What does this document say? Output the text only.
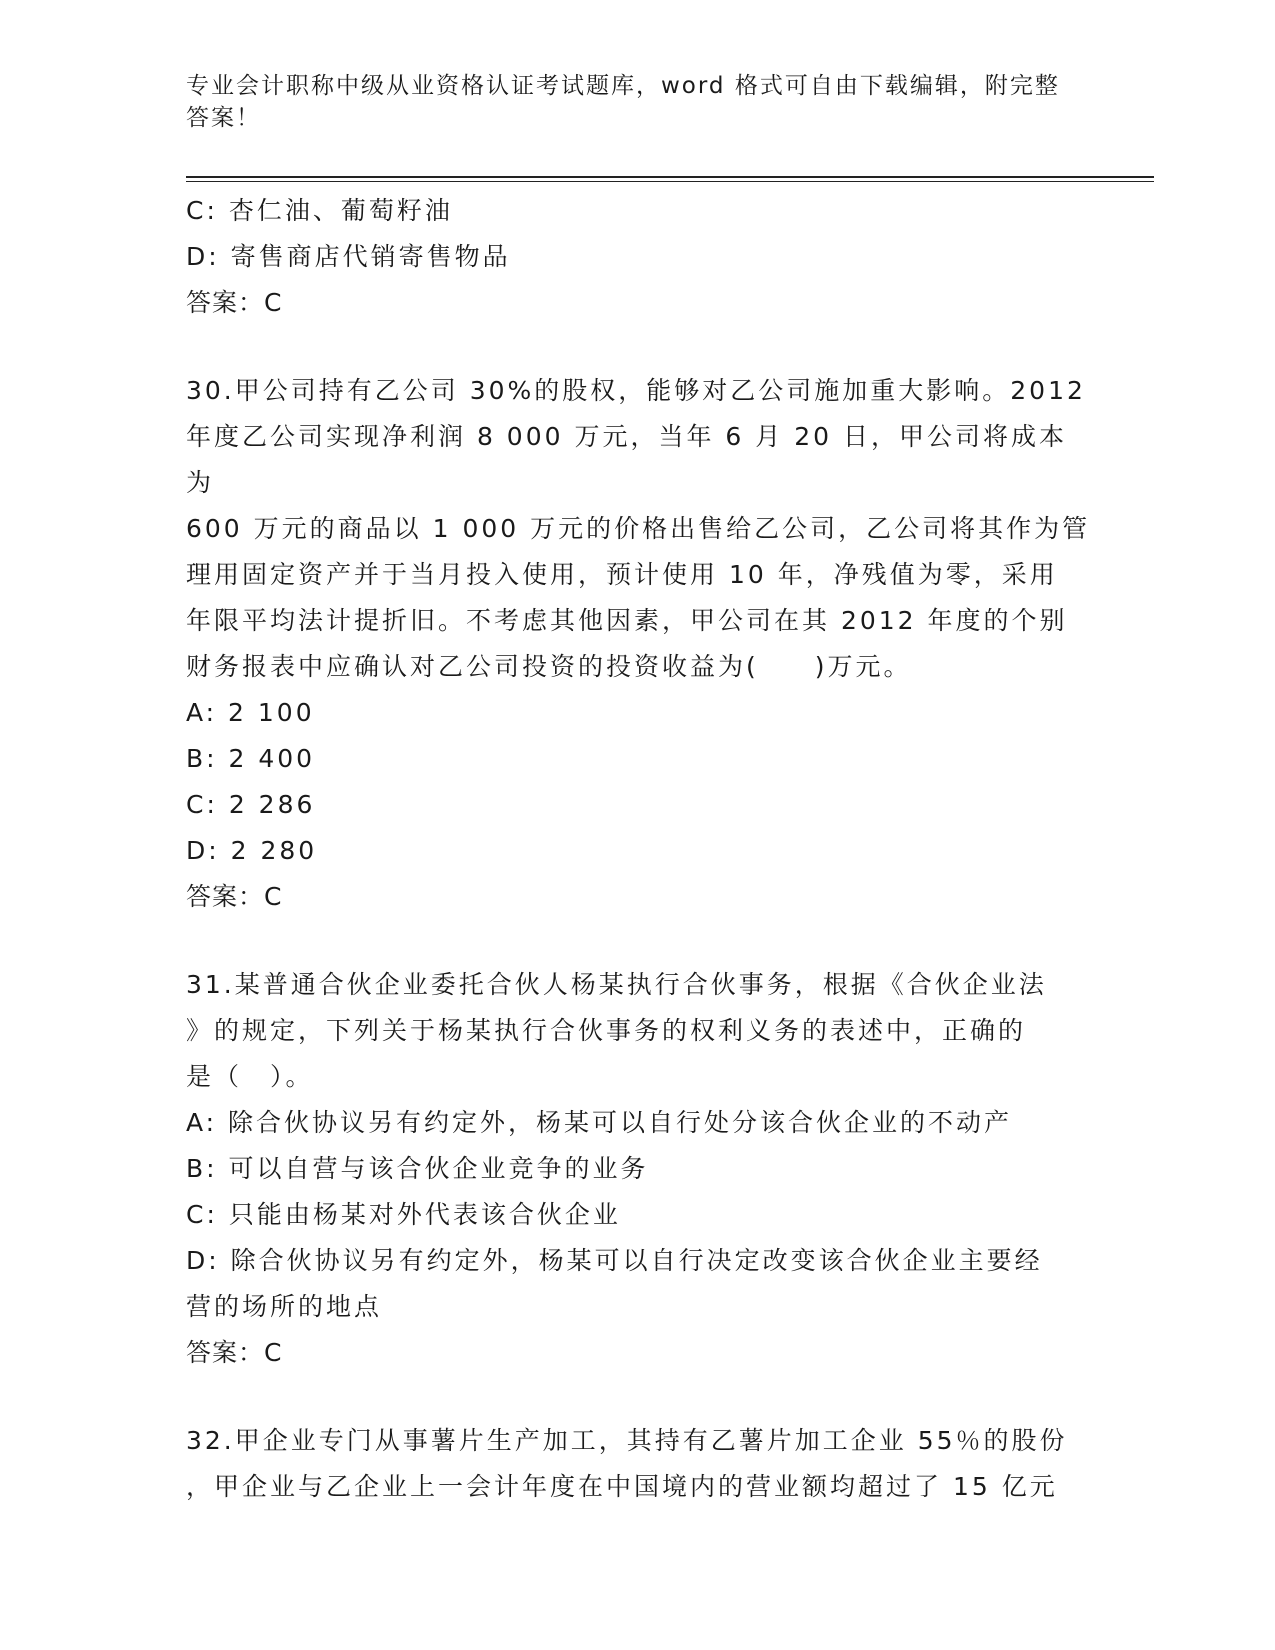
专业会计职称中级从业资格认证考试题库，word 格式可自由下载编辑，附完整答案！
C: 杏仁油、葡萄籽油
D: 寄售商店代销寄售物品
答案：C
30.甲公司持有乙公司 30%的股权，能够对乙公司施加重大影响。2012
年度乙公司实现净利润 8 000 万元，当年 6 月 20 日，甲公司将成本为
600 万元的商品以 1 000 万元的价格出售给乙公司，乙公司将其作为管
理用固定资产并于当月投入使用，预计使用 10 年，净残值为零，采用
年限平均法计提折旧。不考虑其他因素，甲公司在其 2012 年度的个别
财务报表中应确认对乙公司投资的投资收益为(　　)万元。
A: 2 100
B: 2 400
C: 2 286
D: 2 280
答案：C
31.某普通合伙企业委托合伙人杨某执行合伙事务，根据《合伙企业法
》的规定，下列关于杨某执行合伙事务的权利义务的表述中，正确的
是（　）。
A: 除合伙协议另有约定外，杨某可以自行处分该合伙企业的不动产
B: 可以自营与该合伙企业竞争的业务
C: 只能由杨某对外代表该合伙企业
D: 除合伙协议另有约定外，杨某可以自行决定改变该合伙企业主要经
营的场所的地点
答案：C
32.甲企业专门从事薯片生产加工，其持有乙薯片加工企业 55％的股份
，甲企业与乙企业上一会计年度在中国境内的营业额均超过了 15 亿元
